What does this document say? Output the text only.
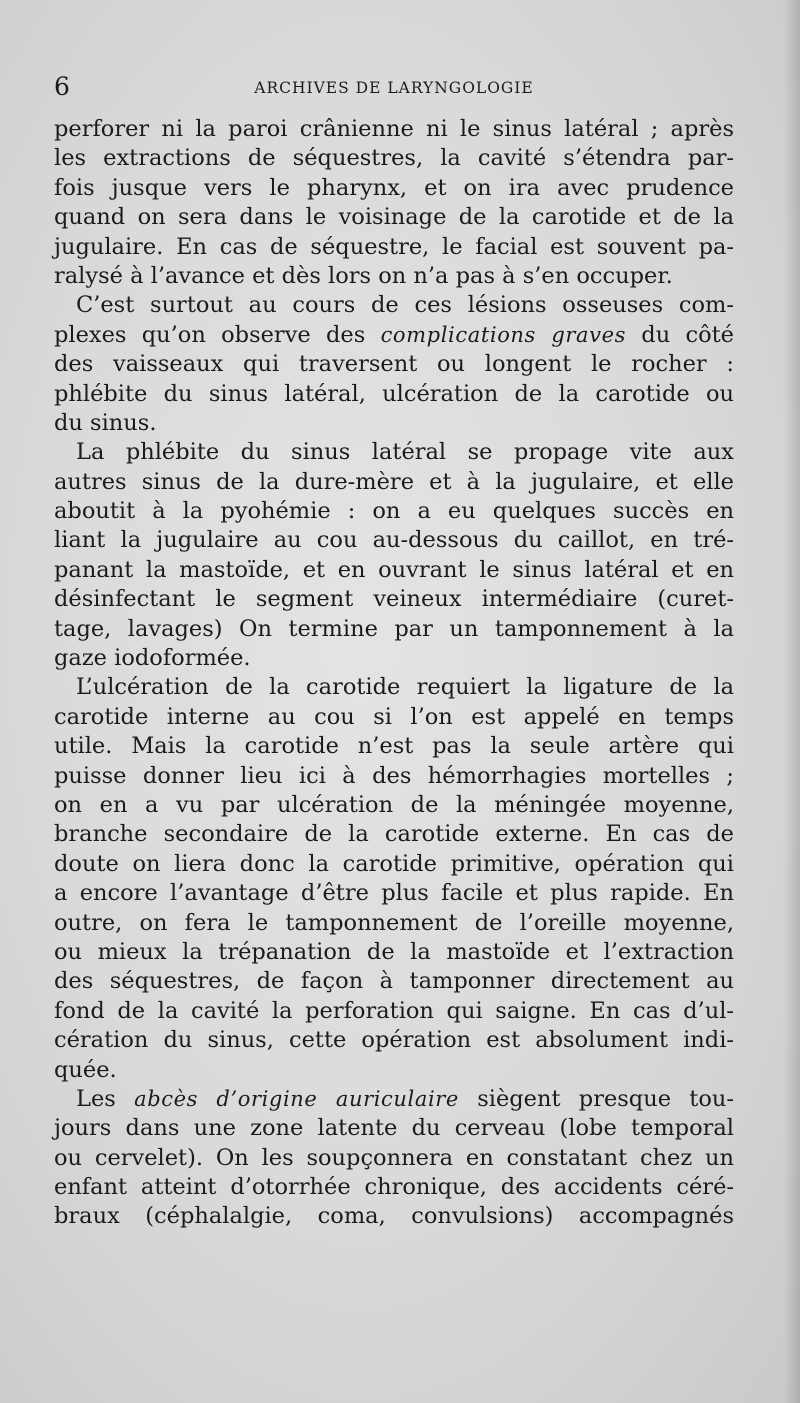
6	ARCHIVES DE LARYNGOLOGIE
perforer ni la paroi crânienne ni le sinus latéral ; après
les extractions de séquestres, la cavité s’étendra par-
fois jusque vers le pharynx, et on ira avec prudence
quand on sera dans le voisinage de la carotide et de la
jugulaire. En cas de séquestre, le facial est souvent pa-
ralysé à l’avance et dès lors on n’a pas à s’en occuper.
C’est surtout au cours de ces lésions osseuses com-
plexes qu’on observe des complications graves du côté
des vaisseaux qui traversent ou longent le rocher :
phlébite du sinus latéral, ulcération de la carotide ou
du sinus.
La phlébite du sinus latéral se propage vite aux
autres sinus de la dure-mère et à la jugulaire, et elle
aboutit à la pyohémie : on a eu quelques succès en
liant la jugulaire au cou au-dessous du caillot, en tré-
panant la mastoïde, et en ouvrant le sinus latéral et en
désinfectant le segment veineux intermédiaire (curet-
tage, lavages) On termine par un tamponnement à la
gaze iodoformée.
L’ulcération de la carotide requiert la ligature de la
carotide interne au cou si l’on est appelé en temps
utile. Mais la carotide n’est pas la seule artère qui
puisse donner lieu ici à des hémorrhagies mortelles ;
on en a vu par ulcération de la méningée moyenne,
branche secondaire de la carotide externe. En cas de
doute on liera donc la carotide primitive, opération qui
a encore l’avantage d’être plus facile et plus rapide. En
outre, on fera le tamponnement de l’oreille moyenne,
ou mieux la trépanation de la mastoïde et l’extraction
des séquestres, de façon à tamponner directement au
fond de la cavité la perforation qui saigne. En cas d’ul-
cération du sinus, cette opération est absolument indi-
quée.
Les abcès d’origine auriculaire siègent presque tou-
jours dans une zone latente du cerveau (lobe temporal
ou cervelet). On les soupçonnera en constatant chez un
enfant atteint d’otorrhée chronique, des accidents céré-
braux (céphalalgie, coma, convulsions) accompagnés
